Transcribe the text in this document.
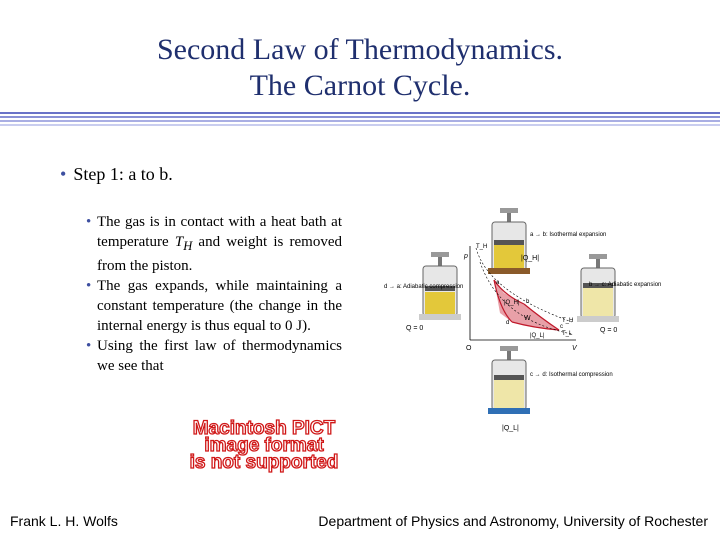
Second Law of Thermodynamics.
The Carnot Cycle.
• Step 1: a to b.
• The gas is in contact with a heat bath at temperature $T_H$ and weight is removed from the piston.
• The gas expands, while maintaining a constant temperature (the change in the internal energy is thus equal to 0 J).
• Using the first law of thermodynamics we see that
Macintosh PICT
image format
is not supported
a → b: Isothermal expansion
d → a: Adiabatic compression
Q = 0
b → c: Adiabatic expansion
Q = 0
c → d: Isothermal compression
|Q_L|
p
V
O
T_H
T_H
T_L
W
|Q_H|
|Q_H|
|Q_L|
a
b
c
d
Frank L. H. Wolfs	Department of Physics and Astronomy, University of Rochester
